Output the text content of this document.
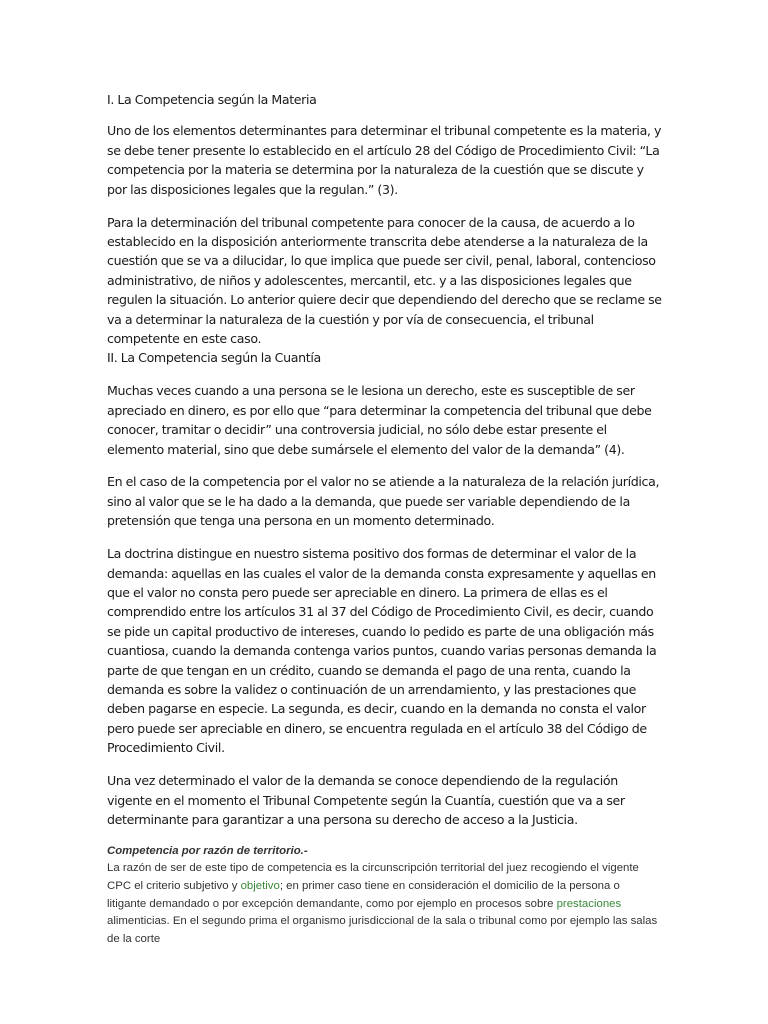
I. La Competencia según la Materia

Uno de los elementos determinantes para determinar el tribunal competente es la materia, y se debe tener presente lo establecido en el artículo 28 del Código de Procedimiento Civil: “La competencia por la materia se determina por la naturaleza de la cuestión que se discute y por las disposiciones legales que la regulan.” (3).

Para la determinación del tribunal competente para conocer de la causa, de acuerdo a lo establecido en la disposición anteriormente transcrita debe atenderse a la naturaleza de la cuestión que se va a dilucidar, lo que implica que puede ser civil, penal, laboral, contencioso administrativo, de niños y adolescentes, mercantil, etc. y a las disposiciones legales que regulen la situación. Lo anterior quiere decir que dependiendo del derecho que se reclame se va a determinar la naturaleza de la cuestión y por vía de consecuencia, el tribunal competente en este caso.

II. La Competencia según la Cuantía

Muchas veces cuando a una persona se le lesiona un derecho, este es susceptible de ser apreciado en dinero, es por ello que “para determinar la competencia del tribunal que debe conocer, tramitar o decidir” una controversia judicial, no sólo debe estar presente el elemento material, sino que debe sumársele el elemento del valor de la demanda” (4).

En el caso de la competencia por el valor no se atiende a la naturaleza de la relación jurídica, sino al valor que se le ha dado a la demanda, que puede ser variable dependiendo de la pretensión que tenga una persona en un momento determinado.

La doctrina distingue en nuestro sistema positivo dos formas de determinar el valor de la demanda: aquellas en las cuales el valor de la demanda consta expresamente y aquellas en que el valor no consta pero puede ser apreciable en dinero. La primera de ellas es el comprendido entre los artículos 31 al 37 del Código de Procedimiento Civil, es decir, cuando se pide un capital productivo de intereses, cuando lo pedido es parte de una obligación más cuantiosa, cuando la demanda contenga varios puntos, cuando varias personas demanda la parte de que tengan en un crédito, cuando se demanda el pago de una renta, cuando la demanda es sobre la validez o continuación de un arrendamiento, y las prestaciones que deben pagarse en especie. La segunda, es decir, cuando en la demanda no consta el valor pero puede ser apreciable en dinero, se encuentra regulada en el artículo 38 del Código de Procedimiento Civil.

Una vez determinado el valor de la demanda se conoce dependiendo de la regulación vigente en el momento el Tribunal Competente según la Cuantía, cuestión que va a ser determinante para garantizar a una persona su derecho de acceso a la Justicia.

Competencia por razón de territorio.-

La razón de ser de este tipo de competencia es la circunscripción territorial del juez recogiendo el vigente CPC el criterio subjetivo y objetivo; en primer caso tiene en consideración el domicilio de la persona o litigante demandado o por excepción demandante, como por ejemplo en procesos sobre prestaciones alimenticias. En el segundo prima el organismo jurisdiccional de la sala o tribunal como por ejemplo las salas de la corte
